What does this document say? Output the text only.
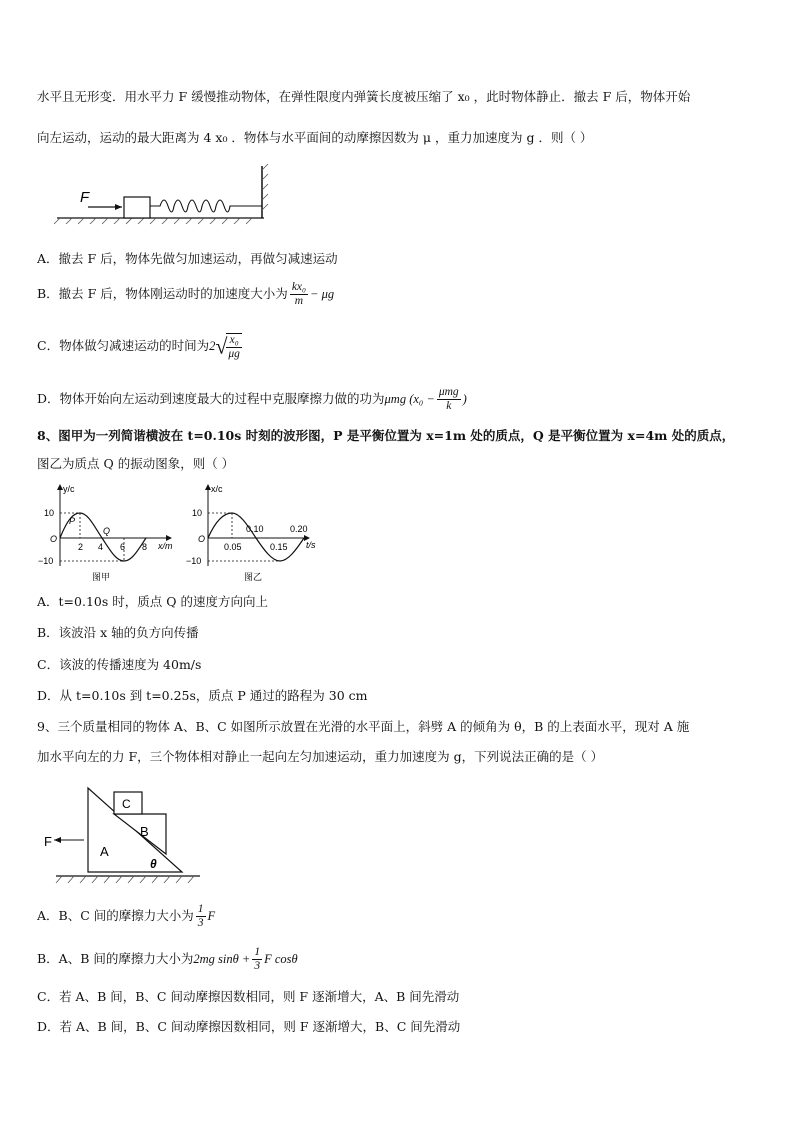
水平且无形变．用水平力 F 缓慢推动物体，在弹性限度内弹簧长度被压缩了 x₀ ，此时物体静止．撤去 F 后，物体开始
向左运动，运动的最大距离为 4 x₀ ．物体与水平面间的动摩擦因数为 μ ，重力加速度为 g ．则（ ）
F
A．撤去 F 后，物体先做匀加速运动，再做匀减速运动
B．撤去 F 后，物体刚运动时的加速度大小为 $\frac{\text{kx₀}}{m} - \mu g$
C．物体做匀减速运动的时间为$2√ \frac{\text{x₀}}{\mu g}$
D．物体开始向左运动到速度最大的过程中克服摩擦力做的功为μmg ($x_0 - \frac{\text{μmg}}{k}$ )
8、图甲为一列简谐横波在 t=0.10s 时刻的波形图，P 是平衡位置为 x=1m 处的质点，Q 是平衡位置为 x=4m 处的质点，
图乙为质点 Q 的振动图象，则（ ）
y/c
x/m
10
−10
O
2 4 6 8
P
Q
图甲
x/c
t/s
10
−10
O
0.05	0.15
0.10	0.20
图乙
A．t=0.10s 时，质点 Q 的速度方向向上
B．该波沿 x 轴的负方向传播
C．该波的传播速度为 40m/s
D．从 t=0.10s 到 t=0.25s，质点 P 通过的路程为 30 cm
9、三个质量相同的物体 A、B、C 如图所示放置在光滑的水平面上，斜劈 A 的倾角为 θ，B 的上表面水平，现对 A 施
加水平向左的力 F，三个物体相对静止一起向左匀加速运动，重力加速度为 g，下列说法正确的是（ ）
F
A
B
C
θ
A．B、C 间的摩擦力大小为 $\frac{1}{3}$ F
B．A、B 间的摩擦力大小为2mg $\sin\theta + \frac{1}{3}$ F cosθ
C．若 A、B 间，B、C 间动摩擦因数相同，则 F 逐渐增大，A、B 间先滑动
D．若 A、B 间，B、C 间动摩擦因数相同，则 F 逐渐增大，B、C 间先滑动
